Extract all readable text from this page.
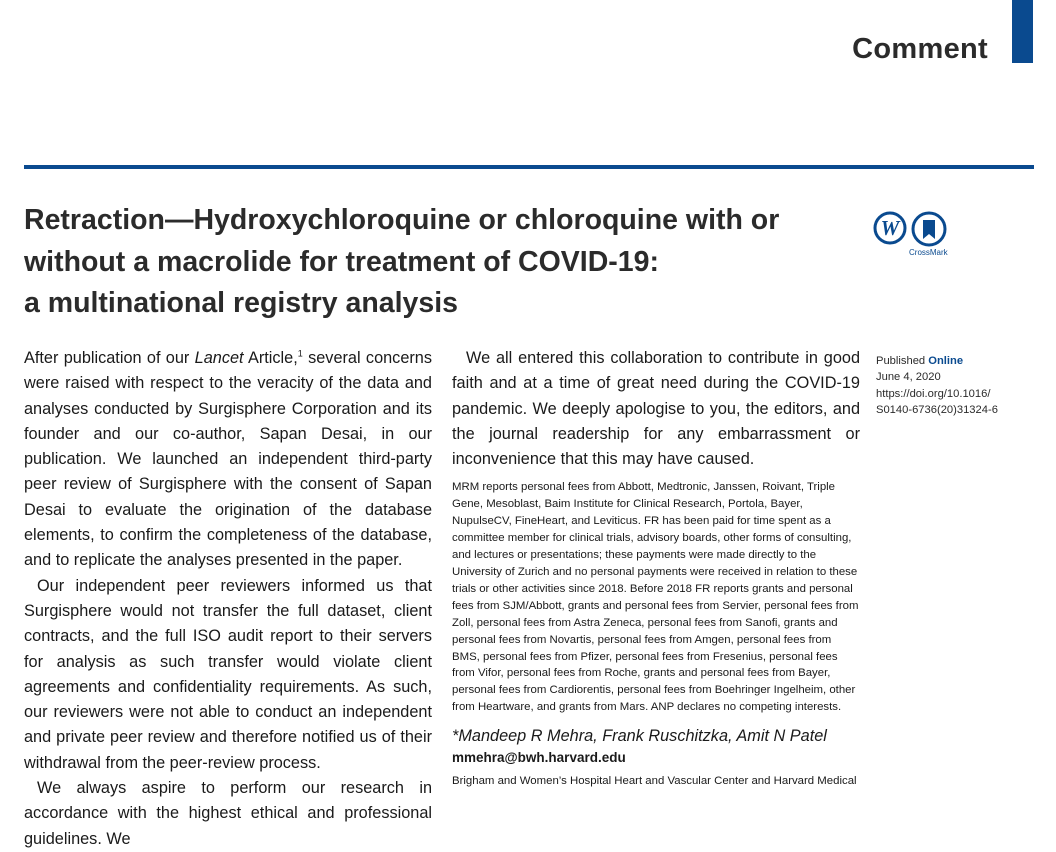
Comment
Retraction—Hydroxychloroquine or chloroquine with or
without a macrolide for treatment of COVID-19:
a multinational registry analysis
W
CrossMark

After publication of our Lancet Article,$^1$ several concerns were raised with respect to the veracity of the data and analyses conducted by Surgisphere Corporation and its founder and our co-author, Sapan Desai, in our publication. We launched an independent third-party peer review of Surgisphere with the consent of Sapan Desai to evaluate the origination of the database elements, to confirm the completeness of the database, and to replicate the analyses presented in the paper.

Our independent peer reviewers informed us that Surgisphere would not transfer the full dataset, client contracts, and the full ISO audit report to their servers for analysis as such transfer would violate client agreements and confidentiality requirements. As such, our reviewers were not able to conduct an independent and private peer review and therefore notified us of their withdrawal from the peer-review process.

We always aspire to perform our research in accordance with the highest ethical and professional guidelines. We

We all entered this collaboration to contribute in good faith and at a time of great need during the COVID-19 pandemic. We deeply apologise to you, the editors, and the journal readership for any embarrassment or inconvenience that this may have caused.

MRM reports personal fees from Abbott, Medtronic, Janssen, Roivant, Triple Gene, Mesoblast, Baim Institute for Clinical Research, Portola, Bayer, NupulseCV, FineHeart, and Leviticus. FR has been paid for time spent as a committee member for clinical trials, advisory boards, other forms of consulting, and lectures or presentations; these payments were made directly to the University of Zurich and no personal payments were received in relation to these trials or other activities since 2018. Before 2018 FR reports grants and personal fees from SJM/Abbott, grants and personal fees from Servier, personal fees from Zoll, personal fees from Astra Zeneca, personal fees from Sanofi, grants and personal fees from Novartis, personal fees from Amgen, personal fees from BMS, personal fees from Pfizer, personal fees from Fresenius, personal fees from Vifor, personal fees from Roche, grants and personal fees from Bayer, personal fees from Cardiorentis, personal fees from Boehringer Ingelheim, other from Heartware, and grants from Mars. ANP declares no competing interests.

*Mandeep R Mehra, Frank Ruschitzka, Amit N Patel

mmehra@bwh.harvard.edu

Brigham and Women’s Hospital Heart and Vascular Center and Harvard Medical

Published Online
June 4, 2020
https://doi.org/10.1016/
S0140-6736(20)31324-6
